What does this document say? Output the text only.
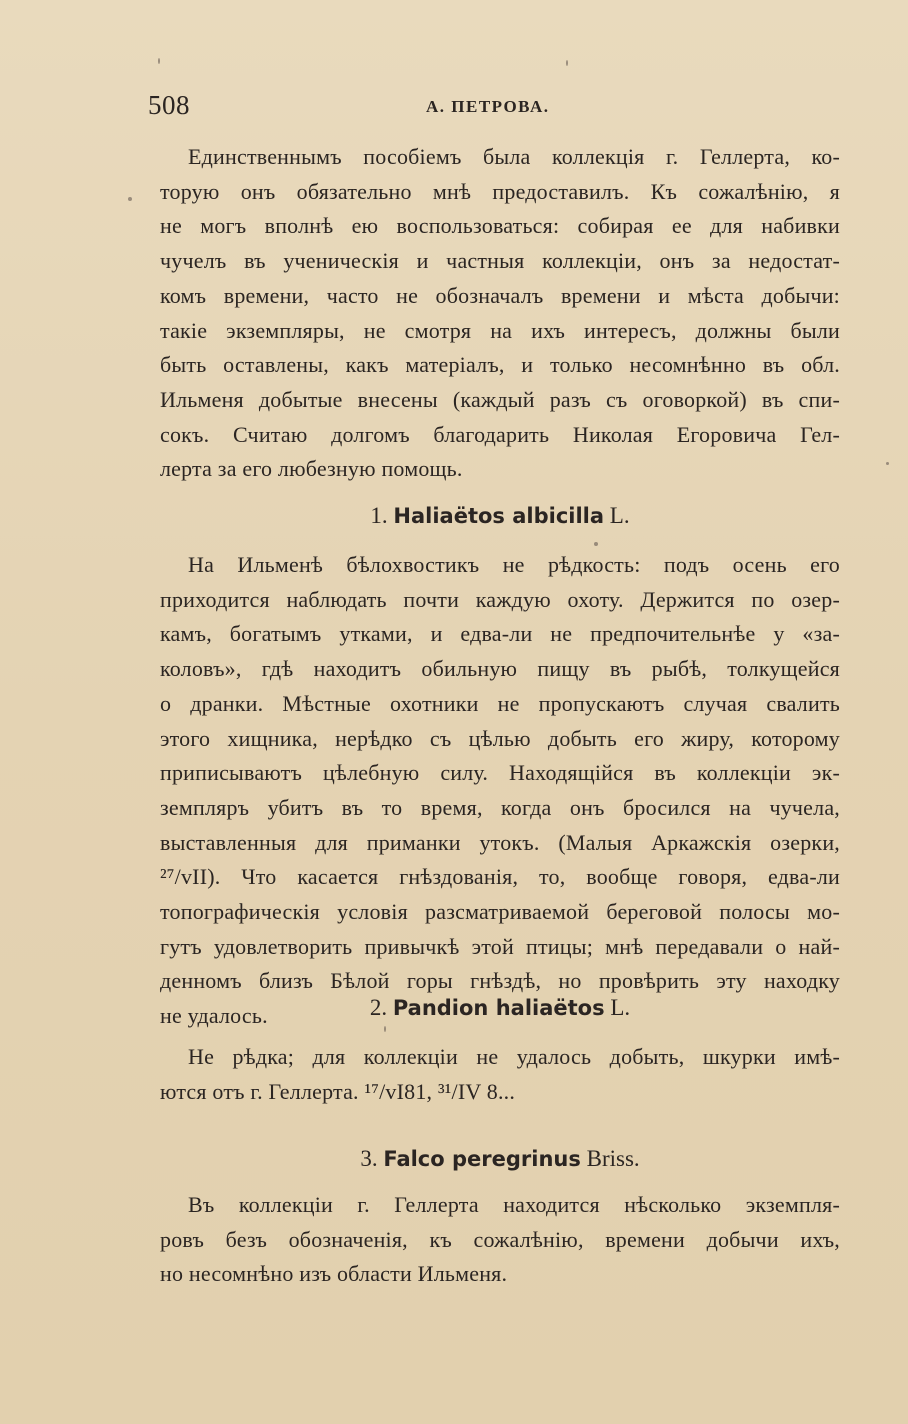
508	А. ПЕТРОВА.
Единственнымъ пособіемъ была коллекція г. Геллерта, ко-
торую онъ обязательно мнѣ предоставилъ. Къ сожалѣнію, я
не могъ вполнѣ ею воспользоваться: собирая ее для набивки
чучелъ въ ученическія и частныя коллекціи, онъ за недостат-
комъ времени, часто не обозначалъ времени и мѣста добычи:
такіе экземпляры, не смотря на ихъ интересъ, должны были
быть оставлены, какъ матеріалъ, и только несомнѣнно въ обл.
Ильменя добытые внесены (каждый разъ съ оговоркой) въ спи-
сокъ. Считаю долгомъ благодарить Николая Егоровича Гел-
лерта за его любезную помощь.
1. Haliaëtos albicilla L.
На Ильменѣ бѣлохвостикъ не рѣдкость: подъ осень его
приходится наблюдать почти каждую охоту. Держится по озер-
камъ, богатымъ утками, и едва-ли не предпочительнѣе у «за-
коловъ», гдѣ находитъ обильную пищу въ рыбѣ, толкущейся
о дранки. Мѣстные охотники не пропускаютъ случая свалить
этого хищника, нерѣдко съ цѣлью добыть его жиру, которому
приписываютъ цѣлебную силу. Находящійся въ коллекціи эк-
земпляръ убитъ въ то время, когда онъ бросился на чучела,
выставленныя для приманки утокъ. (Малыя Аркажскія озерки,
²⁷/vII). Что касается гнѣздованія, то, вообще говоря, едва-ли
топографическія условія разсматриваемой береговой полосы мо-
гутъ удовлетворить привычкѣ этой птицы; мнѣ передавали о най-
денномъ близъ Бѣлой горы гнѣздѣ, но провѣрить эту находку
не удалось.	2. Pandion haliaëtos L.
Не рѣдка; для коллекціи не удалось добыть, шкурки имѣ-
ются отъ г. Геллерта. ¹⁷/vI81, ³¹/IV 8...
3. Falco peregrinus Briss.
Въ коллекціи г. Геллерта находится нѣсколько экземпля-
ровъ безъ обозначенія, къ сожалѣнію, времени добычи ихъ,
но несомнѣно изъ области Ильменя.
